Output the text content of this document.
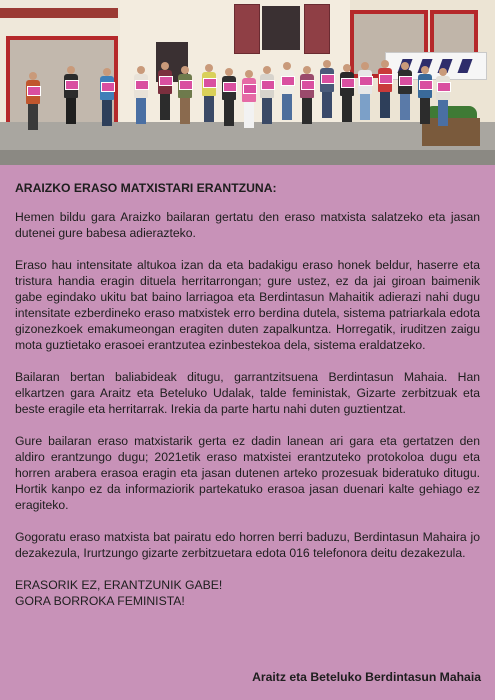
ARAIZKO ERASO MATXISTARI ERANTZUNA:

Hemen bildu gara Araizko bailaran gertatu den eraso matxista salatzeko eta jasan dutenei gure babesa adierazteko.

Eraso hau intensitate altukoa izan da eta badakigu eraso honek beldur, haserre eta tristura handia eragin dituela herritarrongan; gure ustez, ez da jai giroan baimenik gabe egindako ukitu bat baino larriagoa eta Berdintasun Mahaitik adierazi nahi dugu intensitate ezberdineko eraso matxistek erro berdina dutela, sistema patriarkala edota gizonezkoek emakumeongan eragiten duten zapalkuntza. Horregatik, iruditzen zaigu mota guztietako erasoei erantzutea ezinbestekoa dela, sistema eraldatzeko.

Bailaran bertan baliabideak ditugu, garrantzitsuena Berdintasun Mahaia. Han elkartzen gara Araitz eta Beteluko Udalak, talde feministak, Gizarte zerbitzuak eta beste eragile eta herritarrak. Irekia da parte hartu nahi duten guztientzat.

Gure bailaran eraso matxistarik gerta ez dadin lanean ari gara eta gertatzen den aldiro erantzungo dugu; 2021etik eraso matxistei erantzuteko protokoloa dugu eta horren arabera erasoa eragin eta jasan dutenen arteko prozesuak bideratuko ditugu. Hortik kanpo ez da informaziorik partekatuko erasoa jasan duenari kalte gehiago ez eragiteko.

Gogoratu eraso matxista bat pairatu edo horren berri baduzu, Berdintasun Mahaira jo dezakezula, Irurtzungo gizarte zerbitzuetara edota 016 telefonora deitu dezakezula.

ERASORIK EZ, ERANTZUNIK GABE!

GORA BORROKA FEMINISTA!

Araitz eta Beteluko Berdintasun Mahaia
